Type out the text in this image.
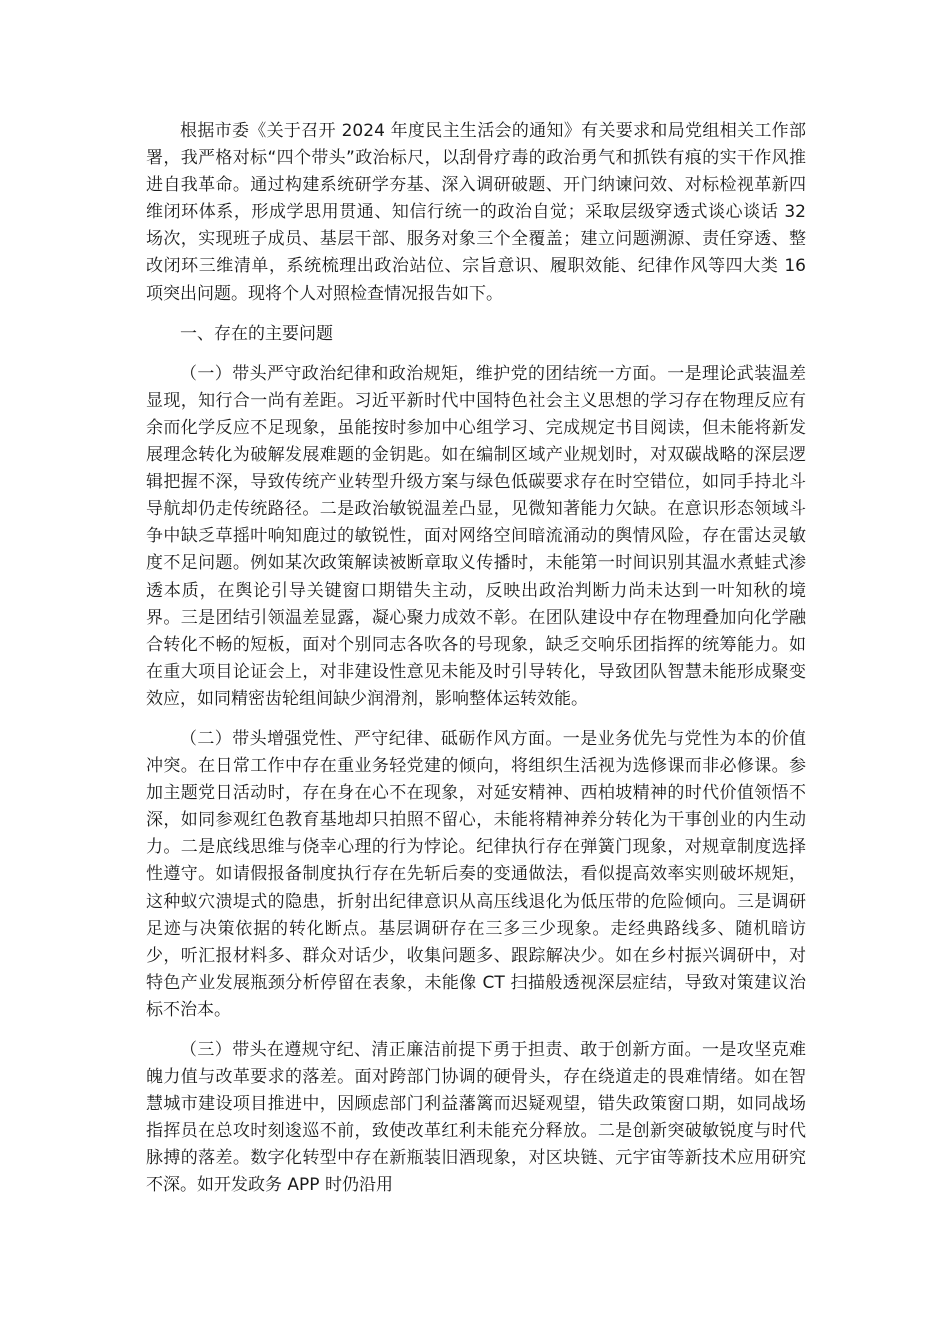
根据市委《关于召开 2024 年度民主生活会的通知》有关要求和局党组相关工作部署，我严格对标“四个带头”政治标尺，以刮骨疗毒的政治勇气和抓铁有痕的实干作风推进自我革命。通过构建系统研学夯基、深入调研破题、开门纳谏问效、对标检视革新四维闭环体系，形成学思用贯通、知信行统一的政治自觉；采取层级穿透式谈心谈话 32 场次，实现班子成员、基层干部、服务对象三个全覆盖；建立问题溯源、责任穿透、整改闭环三维清单，系统梳理出政治站位、宗旨意识、履职效能、纪律作风等四大类 16 项突出问题。现将个人对照检查情况报告如下。

一、存在的主要问题

（一）带头严守政治纪律和政治规矩，维护党的团结统一方面。一是理论武装温差显现，知行合一尚有差距。习近平新时代中国特色社会主义思想的学习存在物理反应有余而化学反应不足现象，虽能按时参加中心组学习、完成规定书目阅读，但未能将新发展理念转化为破解发展难题的金钥匙。如在编制区域产业规划时，对双碳战略的深层逻辑把握不深，导致传统产业转型升级方案与绿色低碳要求存在时空错位，如同手持北斗导航却仍走传统路径。二是政治敏锐温差凸显，见微知著能力欠缺。在意识形态领域斗争中缺乏草摇叶响知鹿过的敏锐性，面对网络空间暗流涌动的舆情风险，存在雷达灵敏度不足问题。例如某次政策解读被断章取义传播时，未能第一时间识别其温水煮蛙式渗透本质，在舆论引导关键窗口期错失主动，反映出政治判断力尚未达到一叶知秋的境界。三是团结引领温差显露，凝心聚力成效不彰。在团队建设中存在物理叠加向化学融合转化不畅的短板，面对个别同志各吹各的号现象，缺乏交响乐团指挥的统筹能力。如在重大项目论证会上，对非建设性意见未能及时引导转化，导致团队智慧未能形成聚变效应，如同精密齿轮组间缺少润滑剂，影响整体运转效能。

（二）带头增强党性、严守纪律、砥砺作风方面。一是业务优先与党性为本的价值冲突。在日常工作中存在重业务轻党建的倾向，将组织生活视为选修课而非必修课。参加主题党日活动时，存在身在心不在现象，对延安精神、西柏坡精神的时代价值领悟不深，如同参观红色教育基地却只拍照不留心，未能将精神养分转化为干事创业的内生动力。二是底线思维与侥幸心理的行为悖论。纪律执行存在弹簧门现象，对规章制度选择性遵守。如请假报备制度执行存在先斩后奏的变通做法，看似提高效率实则破坏规矩，这种蚁穴溃堤式的隐患，折射出纪律意识从高压线退化为低压带的危险倾向。三是调研足迹与决策依据的转化断点。基层调研存在三多三少现象。走经典路线多、随机暗访少，听汇报材料多、群众对话少，收集问题多、跟踪解决少。如在乡村振兴调研中，对特色产业发展瓶颈分析停留在表象，未能像 CT 扫描般透视深层症结，导致对策建议治标不治本。

（三）带头在遵规守纪、清正廉洁前提下勇于担责、敢于创新方面。一是攻坚克难魄力值与改革要求的落差。面对跨部门协调的硬骨头，存在绕道走的畏难情绪。如在智慧城市建设项目推进中，因顾虑部门利益藩篱而迟疑观望，错失政策窗口期，如同战场指挥员在总攻时刻逡巡不前，致使改革红利未能充分释放。二是创新突破敏锐度与时代脉搏的落差。数字化转型中存在新瓶装旧酒现象，对区块链、元宇宙等新技术应用研究不深。如开发政务 APP 时仍沿用
